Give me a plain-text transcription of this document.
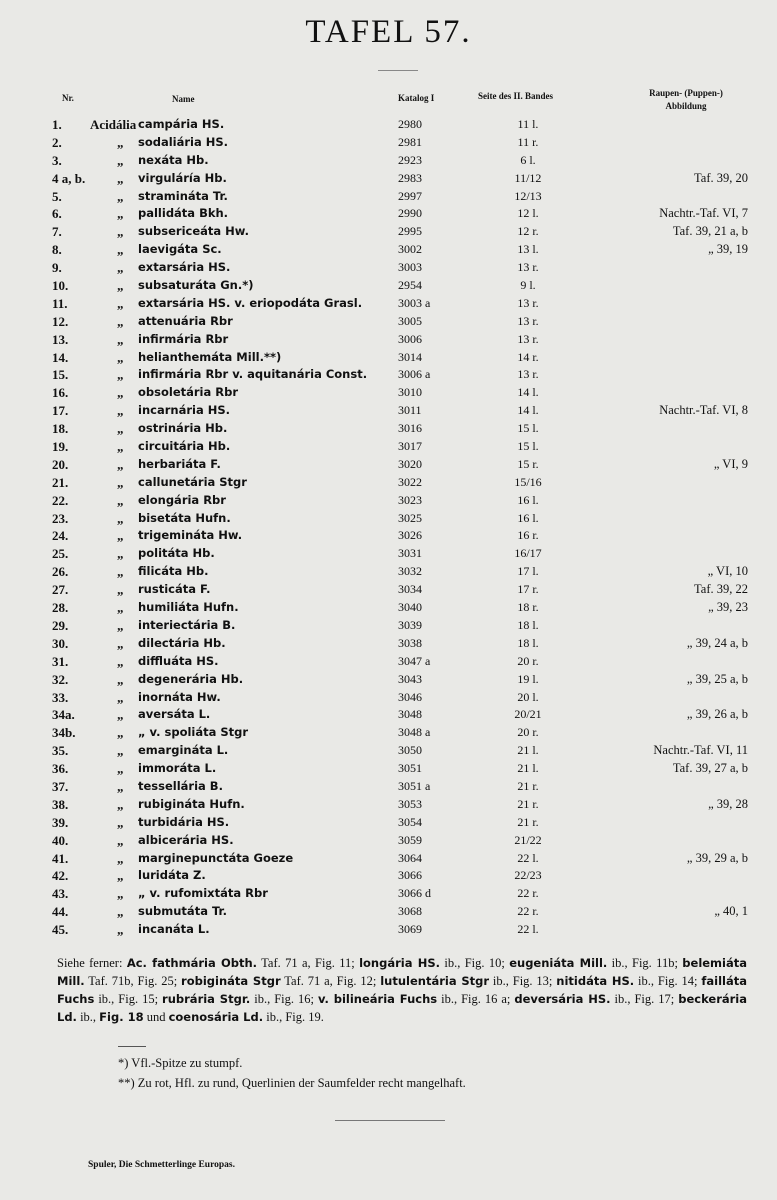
TAFEL 57.
Nr.	Name	Katalog I	Seite des II. Bandes	Raupen- (Puppen-)
Abbildung
1.	Acidália campária HS.	2980	11 l.
2.	„ sodaliária HS.	2981	11 r.
3.	„ nexáta Hb.	2923	6 l.
4 a, b. „ virguláría Hb.	2983	11/12	Taf. 39, 20
5.	„ stramináta Tr.	2997	12/13
6.	„ pallidáta Bkh.	2990	12 l.	Nachtr.-Taf. VI, 7
7.	„ subsericeáta Hw.	2995	12 r.	Taf. 39, 21 a, b
8.	„ laevigáta Sc.	3002	13 l.	„ 39, 19
9.	„ extarsária HS.	3003	13 r.
10.	„ subsaturáta Gn.*)	2954	9 l.
11.	„ extarsária HS. v. eriopodáta Grasl.	3003 a	13 r.
12.	„ attenuária Rbr	3005	13 r.
13.	„ infirmária Rbr	3006	13 r.
14.	„ helianthemáta Mill.**)	3014	14 r.
15.	„ infirmária Rbr v. aquitanária Const.	3006 a	13 r.
16.	„ obsoletária Rbr	3010	14 l.
17.	„ incarnária HS.	3011	14 l.	Nachtr.-Taf. VI, 8
18.	„ ostrinária Hb.	3016	15 l.
19.	„ circuitária Hb.	3017	15 l.
20.	„ herbariáta F.	3020	15 r.	„ VI, 9
21.	„ callunetária Stgr	3022	15/16
22.	„ elongária Rbr	3023	16 l.
23.	„ bisetáta Hufn.	3025	16 l.
24.	„ trigemináta Hw.	3026	16 r.
25.	„ politáta Hb.	3031	16/17
26.	„ filicáta Hb.	3032	17 l.	„ VI, 10
27.	„ rusticáta F.	3034	17 r.	Taf. 39, 22
28.	„ humiliáta Hufn.	3040	18 r.	„ 39, 23
29.	„ interiectária B.	3039	18 l.
30.	„ dilectária Hb.	3038	18 l.	„ 39, 24 a, b
31.	„ diffluáta HS.	3047 a	20 r.
32.	„ degenerária Hb.	3043	19 l.	„ 39, 25 a, b
33.	„ inornáta Hw.	3046	20 l.
34a.	„ aversáta L.	3048	20/21	„ 39, 26 a, b
34b.	„ „ v. spoliáta Stgr	3048 a	20 r.
35.	„ emargináta L.	3050	21 l.	Nachtr.-Taf. VI, 11
36.	„ immoráta L.	3051	21 l.	Taf. 39, 27 a, b
37.	„ tessellária B.	3051 a	21 r.
38.	„ rubigináta Hufn.	3053	21 r.	„ 39, 28
39.	„ turbidária HS.	3054	21 r.
40.	„ albicerária HS.	3059	21/22
41.	„ marginepunctáta Goeze	3064	22 l.	„ 39, 29 a, b
42.	„ luridáta Z.	3066	22/23
43.	„ „ v. rufomixtáta Rbr	3066 d	22 r.
44.	„ submutáta Tr.	3068	22 r.	„ 40, 1
45.	„ incanáta L.	3069	22 l.
Siehe ferner: Ac. fathmária Obth. Taf. 71 a, Fig. 11; longária HS. ib., Fig. 10; eugeniáta Mill. ib., Fig. 11b; belemiáta Mill. Taf. 71b, Fig. 25; robigináta Stgr Taf. 71 a, Fig. 12; lutulentária Stgr ib., Fig. 13; nitidáta HS. ib., Fig. 14; failláta Fuchs ib., Fig. 15; rubrária Stgr. ib., Fig. 16; v. bilineária Fuchs ib., Fig. 16 a; deversária HS. ib., Fig. 17; beckerária Ld. ib., Fig. 18 und coenosária Ld. ib., Fig. 19.
*) Vfl.-Spitze zu stumpf.
**) Zu rot, Hfl. zu rund, Querlinien der Saumfelder recht mangelhaft.
Spuler, Die Schmetterlinge Europas.
